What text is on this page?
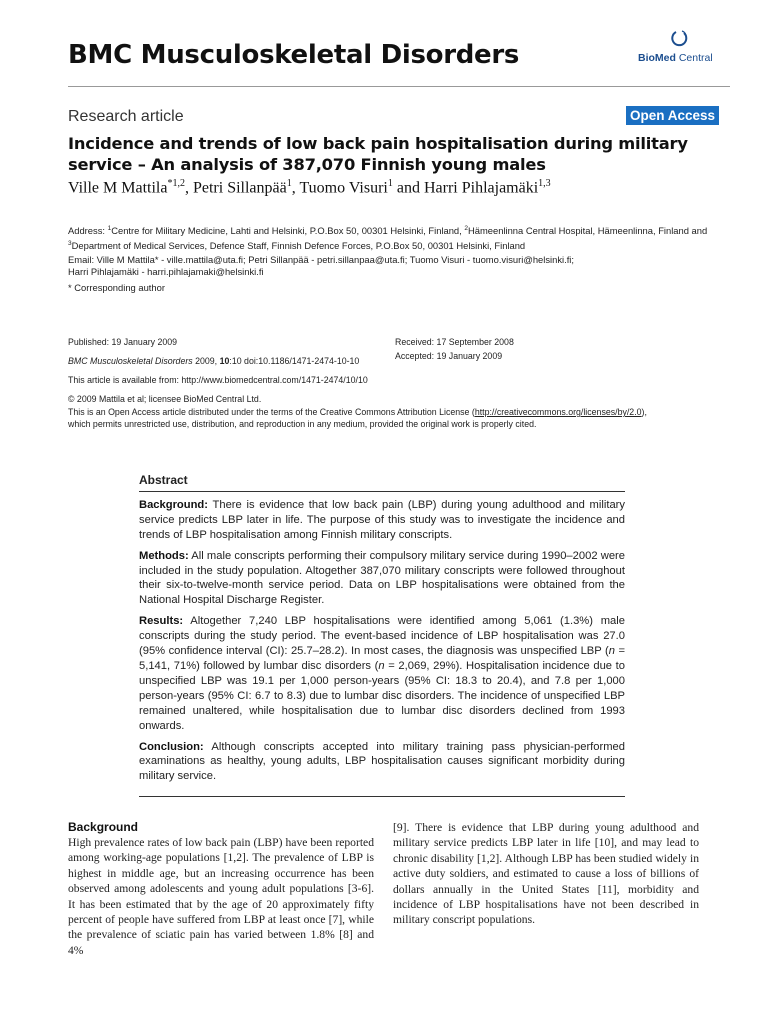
BMC Musculoskeletal Disorders	BioMed Central
Research article	Open Access
Incidence and trends of low back pain hospitalisation during military service – An analysis of 387,070 Finnish young males
Ville M Mattila$^{*1,2}$, Petri Sillanpää$^1$, Tuomo Visuri$^1$ and Harri Pihlajamäki$^{1,3}$
Address: $^1$Centre for Military Medicine, Lahti and Helsinki, P.O.Box 50, 00301 Helsinki, Finland, $^2$Hämeenlinna Central Hospital, Hämeenlinna, Finland and $^3$Department of Medical Services, Defence Staff, Finnish Defence Forces, P.O.Box 50, 00301 Helsinki, Finland
Email: Ville M Mattila* - ville.mattila@uta.fi; Petri Sillanpää - petri.sillanpaa@uta.fi; Tuomo Visuri - tuomo.visuri@helsinki.fi;
Harri Pihlajamäki - harri.pihlajamaki@helsinki.fi
* Corresponding author
Published: 19 January 2009	Received: 17 September 2008
Accepted: 19 January 2009
BMC Musculoskeletal Disorders 2009, 10:10 doi:10.1186/1471-2474-10-10
This article is available from: http://www.biomedcentral.com/1471-2474/10/10
© 2009 Mattila et al; licensee BioMed Central Ltd.
This is an Open Access article distributed under the terms of the Creative Commons Attribution License (http://creativecommons.org/licenses/by/2.0),
which permits unrestricted use, distribution, and reproduction in any medium, provided the original work is properly cited.
Abstract
Background: There is evidence that low back pain (LBP) during young adulthood and military service predicts LBP later in life. The purpose of this study was to investigate the incidence and trends of LBP hospitalisation among Finnish military conscripts.
Methods: All male conscripts performing their compulsory military service during 1990–2002 were included in the study population. Altogether 387,070 military conscripts were followed throughout their six-to-twelve-month service period. Data on LBP hospitalisations were obtained from the National Hospital Discharge Register.
Results: Altogether 7,240 LBP hospitalisations were identified among 5,061 (1.3%) male conscripts during the study period. The event-based incidence of LBP hospitalisation was 27.0 (95% confidence interval (CI): 25.7–28.2). In most cases, the diagnosis was unspecified LBP (n = 5,141, 71%) followed by lumbar disc disorders (n = 2,069, 29%). Hospitalisation incidence due to unspecified LBP was 19.1 per 1,000 person-years (95% CI: 18.3 to 20.4), and 7.8 per 1,000 person-years (95% CI: 6.7 to 8.3) due to lumbar disc disorders. The incidence of unspecified LBP remained unaltered, while hospitalisation due to lumbar disc disorders declined from 1993 onwards.
Conclusion: Although conscripts accepted into military training pass physician-performed examinations as healthy, young adults, LBP hospitalisation causes significant morbidity during military service.
Background
High prevalence rates of low back pain (LBP) have been reported among working-age populations [1,2]. The prevalence of LBP is highest in middle age, but an increasing occurrence has been observed among adolescents and young adult populations [3-6]. It has been estimated that by the age of 20 approximately fifty percent of people have suffered from LBP at least once [7], while the prevalence of sciatic pain has varied between 1.8% [8] and 4%
[9]. There is evidence that LBP during young adulthood and military service predicts LBP later in life [10], and may lead to chronic disability [1,2]. Although LBP has been studied widely in active duty soldiers, and estimated to cause a loss of billions of dollars annually in the United States [11], morbidity and incidence of LBP hospitalisations have not been described in military conscript populations.
